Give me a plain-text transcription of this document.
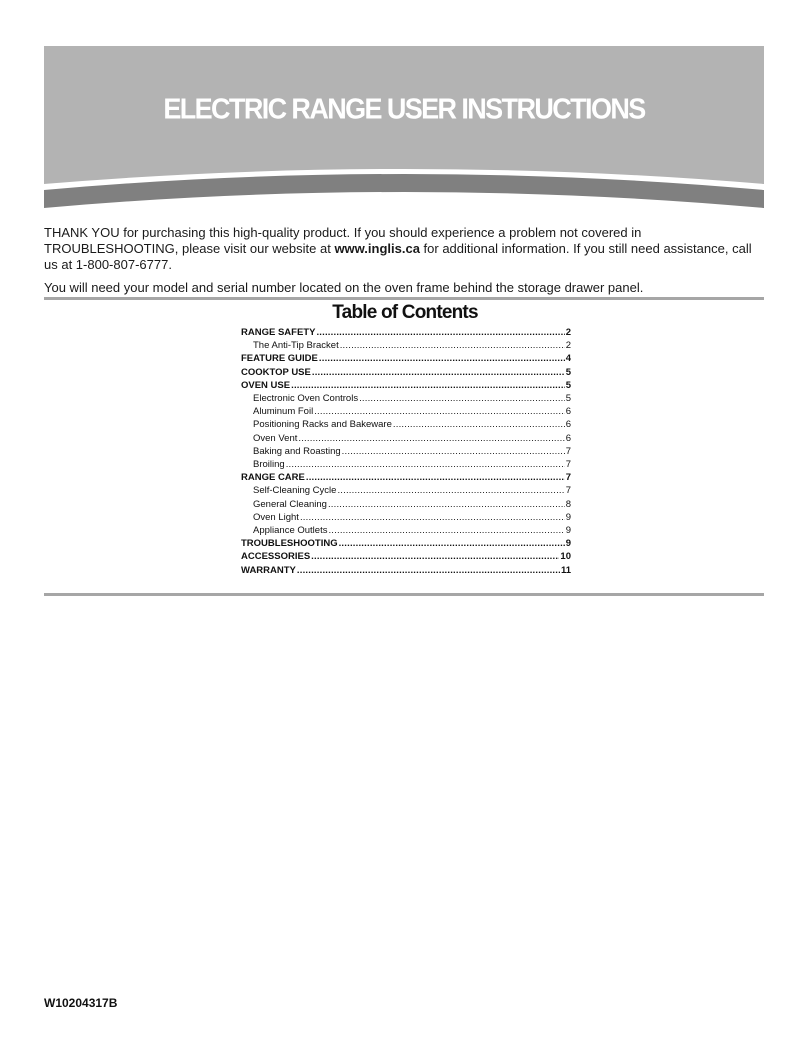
ELECTRIC RANGE USER INSTRUCTIONS

THANK YOU for purchasing this high-quality product. If you should experience a problem not covered in TROUBLESHOOTING, please visit our website at www.inglis.ca for additional information. If you still need assistance, call us at 1-800-807-6777.

You will need your model and serial number located on the oven frame behind the storage drawer panel.

Table of Contents
RANGE SAFETY .....	2
The Anti-Tip Bracket .....	2
FEATURE GUIDE .....	4
COOKTOP USE .....	5
OVEN USE .....	5
Electronic Oven Controls .....	5
Aluminum Foil .....	6
Positioning Racks and Bakeware .....	6
Oven Vent .....	6
Baking and Roasting .....	7
Broiling .....	7
RANGE CARE .....	7
Self-Cleaning Cycle .....	7
General Cleaning .....	8
Oven Light .....	9
Appliance Outlets .....	9
TROUBLESHOOTING .....	9
ACCESSORIES .....	10
WARRANTY .....	11
W10204317B
